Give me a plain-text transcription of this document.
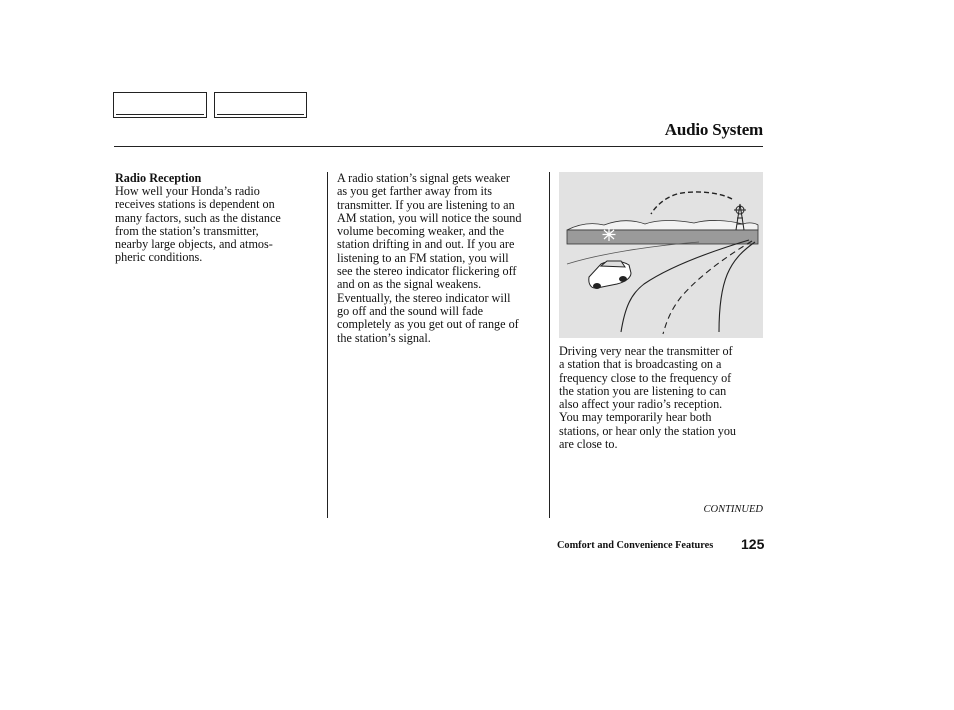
Audio System
Radio Reception
How well your Honda’s radio
receives stations is dependent on
many factors, such as the distance
from the station’s transmitter,
nearby large objects, and atmos-
pheric conditions.
A radio station’s signal gets weaker
as you get farther away from its
transmitter. If you are listening to an
AM station, you will notice the sound
volume becoming weaker, and the
station drifting in and out. If you are
listening to an FM station, you will
see the stereo indicator flickering off
and on as the signal weakens.
Eventually, the stereo indicator will
go off and the sound will fade
completely as you get out of range of
the station’s signal.
Driving very near the transmitter of
a station that is broadcasting on a
frequency close to the frequency of
the station you are listening to can
also affect your radio’s reception.
You may temporarily hear both
stations, or hear only the station you
are close to.
CONTINUED
Comfort and Convenience Features 125
